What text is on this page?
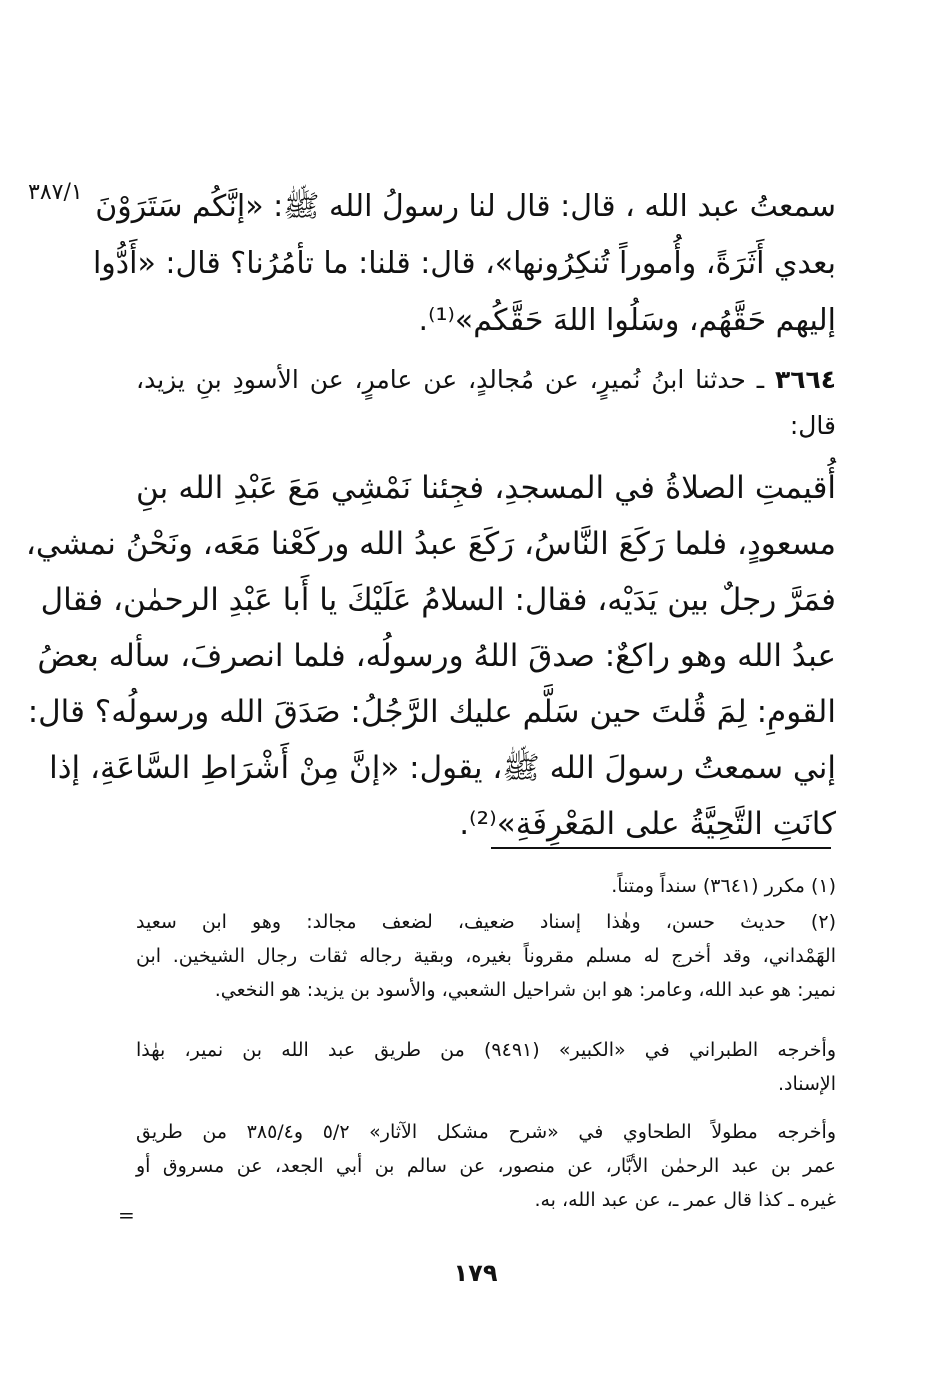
٣٨٧/١ سمعتُ عبد الله ، قال: قال لنا رسولُ الله ﷺ: «إنَّكُم سَتَرَوْنَ
بعدي أَثَرَةً، وأُموراً تُنكِرُونها»، قال: قلنا: ما تأمُرُنا؟ قال: «أَدُّوا
إليهم حَقَّهُم، وسَلُوا اللهَ حَقَّكُم»⁽¹⁾.
٣٦٦٤ ـ حدثنا ابنُ نُميرٍ، عن مُجالدٍ، عن عامرٍ، عن الأسودِ بنِ يزيد،
قال:
أُقيمتِ الصلاةُ في المسجدِ، فجِئنا نَمْشِي مَعَ عَبْدِ الله بنِ
مسعودٍ، فلما رَكَعَ النَّاسُ، رَكَعَ عبدُ الله وركَعْنا مَعَه، ونَحْنُ نمشي،
فمَرَّ رجلٌ بين يَدَيْه، فقال: السلامُ عَلَيْكَ يا أَبا عَبْدِ الرحمٰن، فقال
عبدُ الله وهو راكعٌ: صدقَ اللهُ ورسولُه، فلما انصرفَ، سأله بعضُ
القومِ: لِمَ قُلتَ حين سَلَّم عليك الرَّجُلُ: صَدَقَ الله ورسولُه؟ قال:
إني سمعتُ رسولَ الله ﷺ، يقول: «إنَّ مِنْ أَشْرَاطِ السَّاعَةِ، إذا
كانَتِ التَّحِيَّةُ على المَعْرِفَةِ»⁽²⁾.
(١) مكرر (٣٦٤١) سنداً ومتناً.
(٢) حديث حسن، وهٰذا إسناد ضعيف، لضعف مجالد: وهو ابن سعيد
الهَمْداني، وقد أخرج له مسلم مقروناً بغيره، وبقية رجاله ثقات رجال الشيخين. ابن
نمير: هو عبد الله، وعامر: هو ابن شراحيل الشعبي، والأسود بن يزيد: هو النخعي.
وأخرجه الطبراني في «الكبير» (٩٤٩١) من طريق عبد الله بن نمير، بهٰذا
الإسناد.
وأخرجه مطولاً الطحاوي في «شرح مشكل الآثار» ٥/٢ و٣٨٥/٤ من طريق
عمر بن عبد الرحمٰن الأبَّار، عن منصور، عن سالم بن أبي الجعد، عن مسروق أو
غيره ـ كذا قال عمر ـ، عن عبد الله، به.
=
١٧٩
